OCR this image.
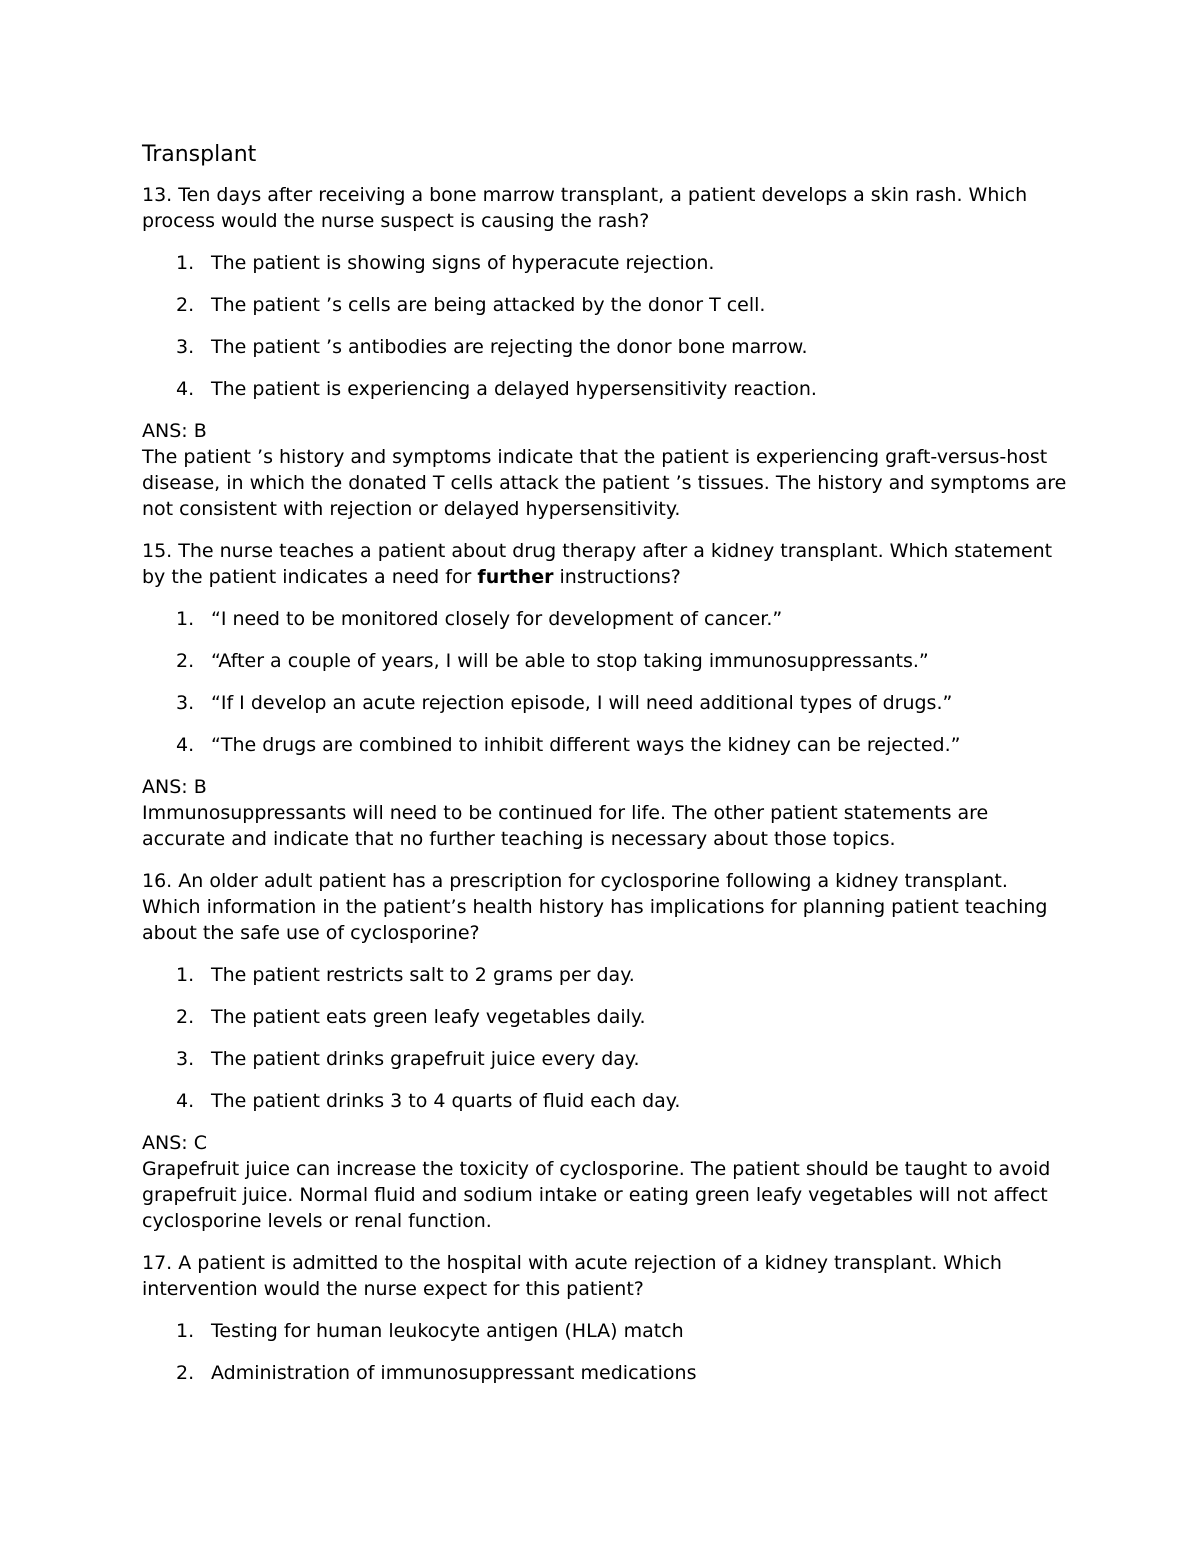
Transplant

13. Ten days after receiving a bone marrow transplant, a patient develops a skin rash. Which process would the nurse suspect is causing the rash?

1. The patient is showing signs of hyperacute rejection.
2. The patient ’s cells are being attacked by the donor T cell.
3. The patient ’s antibodies are rejecting the donor bone marrow.
4. The patient is experiencing a delayed hypersensitivity reaction.

ANS: B

The patient ’s history and symptoms indicate that the patient is experiencing graft-versus-host disease, in which the donated T cells attack the patient ’s tissues. The history and symptoms are not consistent with rejection or delayed hypersensitivity.

15. The nurse teaches a patient about drug therapy after a kidney transplant. Which statement by the patient indicates a need for further instructions?

1. “I need to be monitored closely for development of cancer.”
2. “After a couple of years, I will be able to stop taking immunosuppressants.”
3. “If I develop an acute rejection episode, I will need additional types of drugs.”
4. “The drugs are combined to inhibit different ways the kidney can be rejected.”

ANS: B

Immunosuppressants will need to be continued for life. The other patient statements are accurate and indicate that no further teaching is necessary about those topics.

16. An older adult patient has a prescription for cyclosporine following a kidney transplant. Which information in the patient’s health history has implications for planning patient teaching about the safe use of cyclosporine?

1. The patient restricts salt to 2 grams per day.
2. The patient eats green leafy vegetables daily.
3. The patient drinks grapefruit juice every day.
4. The patient drinks 3 to 4 quarts of fluid each day.

ANS: C

Grapefruit juice can increase the toxicity of cyclosporine. The patient should be taught to avoid grapefruit juice. Normal fluid and sodium intake or eating green leafy vegetables will not affect cyclosporine levels or renal function.

17. A patient is admitted to the hospital with acute rejection of a kidney transplant. Which intervention would the nurse expect for this patient?

1. Testing for human leukocyte antigen (HLA) match
2. Administration of immunosuppressant medications
